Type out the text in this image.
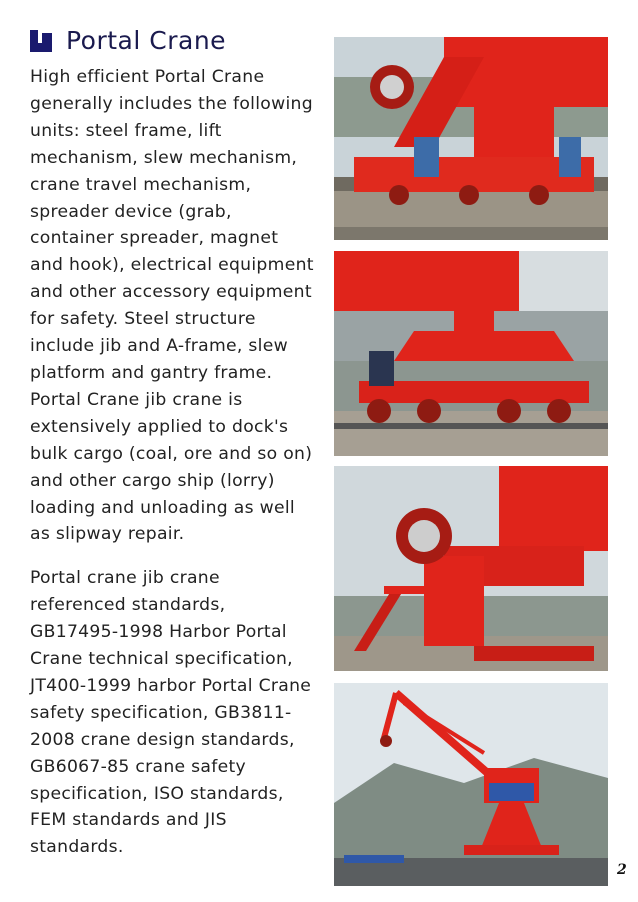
Portal Crane

High efficient Portal Crane generally includes the following units: steel frame, lift mechanism, slew mechanism, crane travel mechanism, spreader device (grab, container spreader, magnet and hook), electrical equipment and other accessory equipment for safety. Steel structure include jib and A-frame, slew platform and gantry frame. Portal Crane jib crane is extensively applied to dock's bulk cargo (coal, ore and so on) and other cargo ship (lorry) loading and unloading as well as slipway repair.

Portal crane jib crane referenced standards, GB17495-1998 Harbor Portal Crane technical specification, JT400-1999 harbor Portal Crane safety specification, GB3811-2008 crane design standards, GB6067-85 crane safety specification, ISO standards, FEM standards and JIS standards.

2
